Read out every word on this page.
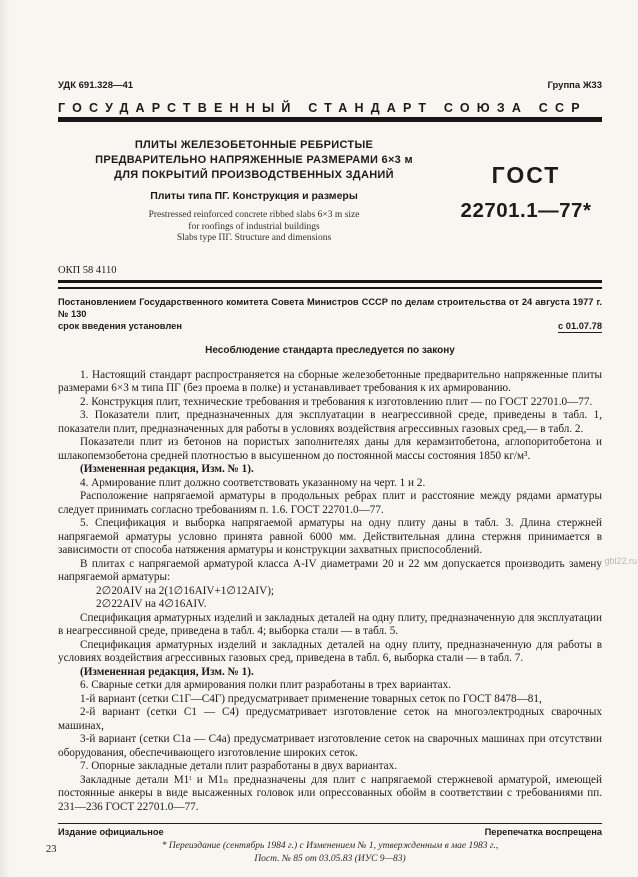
УДК 691.328—41	Группа Ж33
ГОСУДАРСТВЕННЫЙ СТАНДАРТ СОЮЗА ССР
ПЛИТЫ ЖЕЛЕЗОБЕТОННЫЕ РЕБРИСТЫЕ
ПРЕДВАРИТЕЛЬНО НАПРЯЖЕННЫЕ РАЗМЕРАМИ 6×3 м
ДЛЯ ПОКРЫТИЙ ПРОИЗВОДСТВЕННЫХ ЗДАНИЙ
Плиты типа ПГ. Конструкция и размеры
Prestressed reinforced concrete ribbed slabs 6×3 m size
for roofings of industrial buildings
Slabs type ПГ. Structure and dimensions
ГОСТ
22701.1—77*
ОКП 58 4110
Постановлением Государственного комитета Совета Министров СССР по делам строительства от 24 августа 1977 г. № 130
срок введения установлен	с 01.07.78
Несоблюдение стандарта преследуется по закону

1. Настоящий стандарт распространяется на сборные железобетонные предварительно напряженные плиты размерами 6×3 м типа ПГ (без проема в полке) и устанавливает требования к их армированию.

2. Конструкция плит, технические требования и требования к изготовлению плит — по ГОСТ 22701.0—77.

3. Показатели плит, предназначенных для эксплуатации в неагрессивной среде, приведены в табл. 1, показатели плит, предназначенных для работы в условиях воздействия агрессивных газовых сред,— в табл. 2.

Показатели плит из бетонов на пористых заполнителях даны для керамзитобетона, аглопоритобетона и шлакопемзобетона средней плотностью в высушенном до постоянной массы состояния 1850 кг/м³.

(Измененная редакция, Изм. № 1).

4. Армирование плит должно соответствовать указанному на черт. 1 и 2.

Расположение напрягаемой арматуры в продольных ребрах плит и расстояние между рядами арматуры следует принимать согласно требованиям п. 1.6. ГОСТ 22701.0—77.

5. Спецификация и выборка напрягаемой арматуры на одну плиту даны в табл. 3. Длина стержней напрягаемой арматуры условно принята равной 6000 мм. Действительная длина стержня принимается в зависимости от способа натяжения арматуры и конструкции захватных приспособлений.

В плитах с напрягаемой арматурой класса А-IV диаметрами 20 и 22 мм допускается производить замену напрягаемой арматуры:

2∅20АIV на 2(1∅16АIV+1∅12АIV);

2∅22АIV на 4∅16АIV.

Спецификация арматурных изделий и закладных деталей на одну плиту, предназначенную для эксплуатации в неагрессивной среде, приведена в табл. 4; выборка стали — в табл. 5.

Спецификация арматурных изделий и закладных деталей на одну плиту, предназначенную для работы в условиях воздействия агрессивных газовых сред, приведена в табл. 6, выборка стали — в табл. 7.

(Измененная редакция, Изм. № 1).

6. Сварные сетки для армирования полки плит разработаны в трех вариантах.

1-й вариант (сетки С1Г—С4Г) предусматривает применение товарных сеток по ГОСТ 8478—81,

2-й вариант (сетки С1 — С4) предусматривает изготовление сеток на многоэлектродных сварочных машинах,

3-й вариант (сетки С1а — С4а) предусматривает изготовление сеток на сварочных машинах при отсутствии оборудования, обеспечивающего изготовление широких сеток.

7. Опорные закладные детали плит разработаны в двух вариантах.

Закладные детали М1ᵗ и М1ₙ предназначены для плит с напрягаемой стержневой арматурой, имеющей постоянные анкеры в виде высаженных головок или опрессованных обойм в соответствии с требованиями пп. 231—236 ГОСТ 22701.0—77.

Издание официальное	Перепечатка воспрещена
* Переиздание (сентябрь 1984 г.) с Изменением № 1, утвержденным в мае 1983 г.,
Пост. № 85 от 03.05.83 (ИУС 9—83)
23
gbl22.ru
